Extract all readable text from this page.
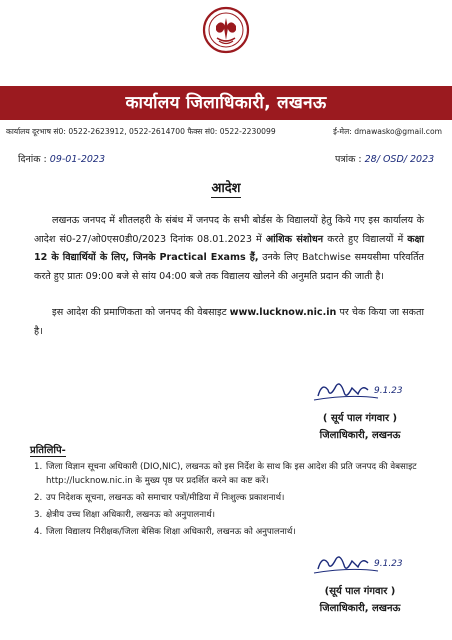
कार्यालय जिलाधिकारी, लखनऊ
कार्यालय दूरभाष सं0: 0522-2623912, 0522-2614700 फैक्स सं0: 0522-2230099	ई-मेल: dmawasko@gmail.com
दिनांक : 09-01-2023	पत्रांक : 28/ OSD/ 2023
आदेश
लखनऊ जनपद में शीतलहरी के संबंध में जनपद के सभी बोर्डस के विद्यालयों हेतु किये गए इस कार्यालय के आदेश सं0-27/ओ0एस0डी0/2023 दिनांक 08.01.2023 में आंशिक संशोधन करते हुए विद्यालयों में कक्षा 12 के विद्यार्थियों के लिए, जिनके Practical Exams हैं, उनके लिए Batchwise समयसीमा परिवर्तित करते हुए प्रातः 09:00 बजे से सांय 04:00 बजे तक विद्यालय खोलने की अनुमति प्रदान की जाती है।
इस आदेश की प्रमाणिकता को जनपद की वेबसाइट www.lucknow.nic.in पर चेक किया जा सकता है।
9.1.23
( सूर्य पाल गंगवार )
जिलाधिकारी, लखनऊ
प्रतिलिपि-
1. जिला विज्ञान सूचना अधिकारी (DIO,NIC), लखनऊ को इस निर्देश के साथ कि इस आदेश की प्रति जनपद की वेबसाइट http://lucknow.nic.in के मुख्य पृष्ठ पर प्रदर्शित करने का कष्ट करें।
2. उप निदेशक सूचना, लखनऊ को समाचार पत्रों/मीडिया में निःशुल्क प्रकाशनार्थ।
3. क्षेत्रीय उच्च शिक्षा अधिकारी, लखनऊ को अनुपालनार्थ।
4. जिला विद्यालय निरीक्षक/जिला बेसिक शिक्षा अधिकारी, लखनऊ को अनुपालनार्थ।
9.1.23
(सूर्य पाल गंगवार )
जिलाधिकारी, लखनऊ
